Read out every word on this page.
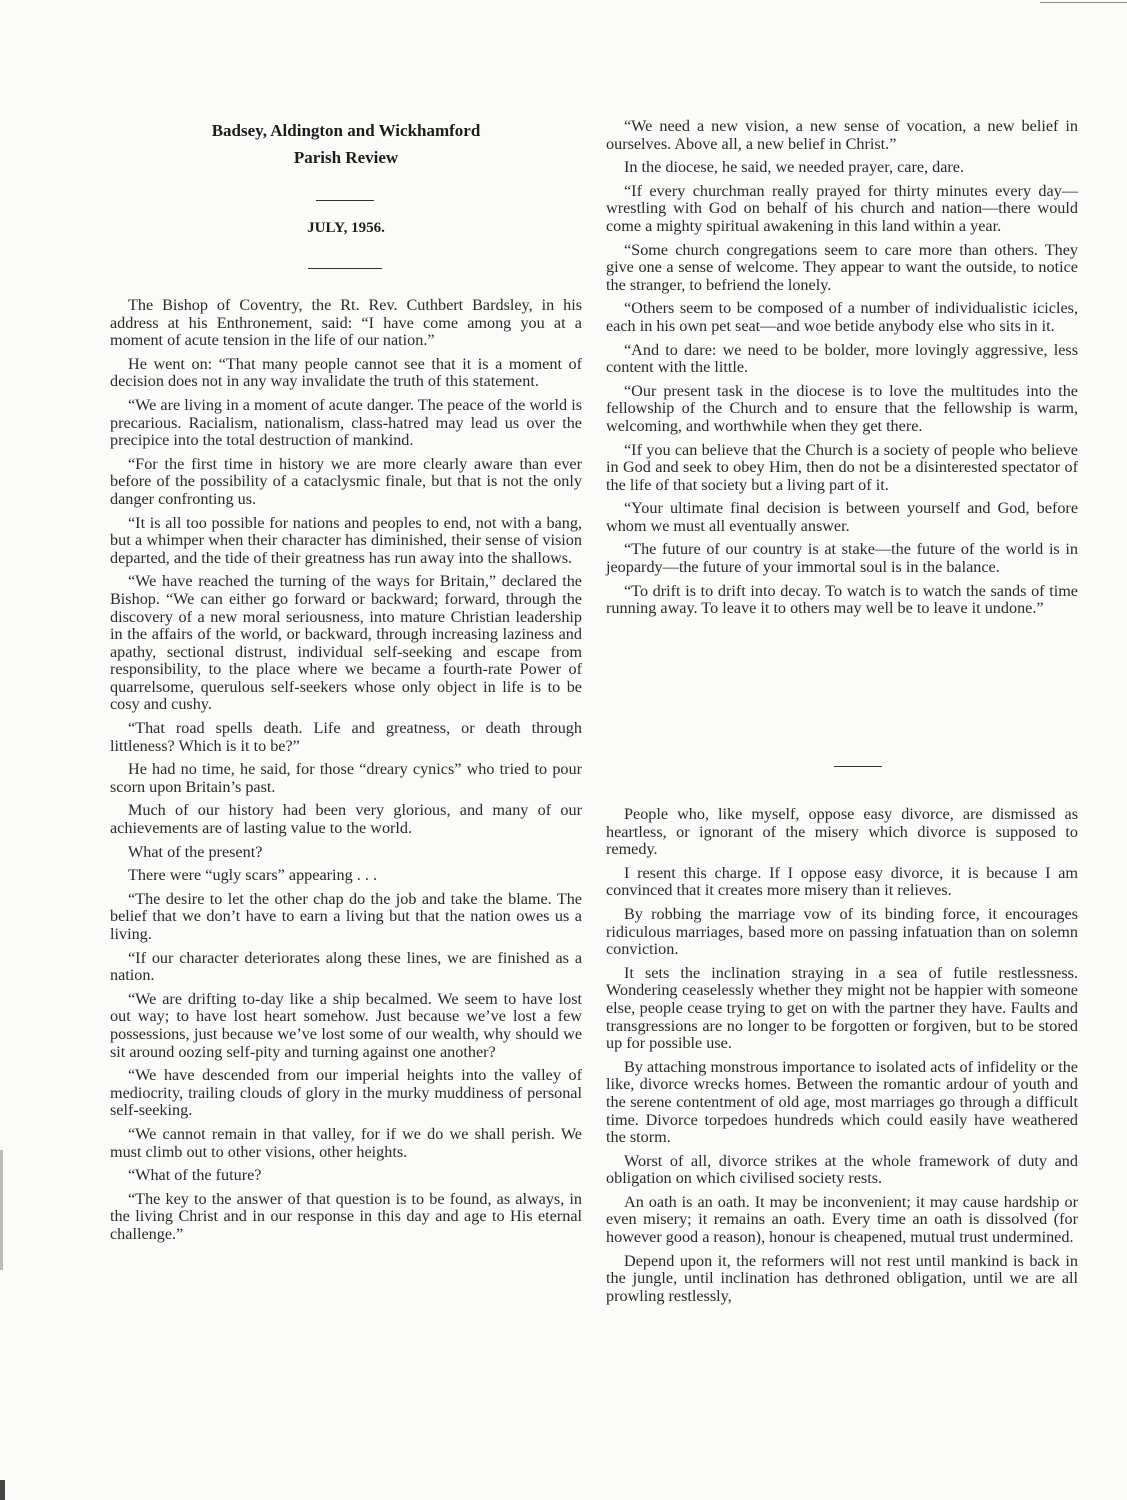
Badsey, Aldington and Wickhamford
Parish Review
JULY, 1956.

The Bishop of Coventry, the Rt. Rev. Cuthbert Bardsley, in his address at his Enthronement, said: “I have come among you at a moment of acute tension in the life of our nation.”

He went on: “That many people cannot see that it is a moment of decision does not in any way invalidate the truth of this statement.

“We are living in a moment of acute danger. The peace of the world is precarious. Racialism, nationalism, class-hatred may lead us over the precipice into the total destruction of mankind.

“For the first time in history we are more clearly aware than ever before of the possibility of a cataclysmic finale, but that is not the only danger confronting us.

“It is all too possible for nations and peoples to end, not with a bang, but a whimper when their character has diminished, their sense of vision departed, and the tide of their greatness has run away into the shallows.

“We have reached the turning of the ways for Britain,” declared the Bishop. “We can either go forward or backward; forward, through the discovery of a new moral seriousness, into mature Christian leadership in the affairs of the world, or backward, through increasing laziness and apathy, sectional distrust, individual self-seeking and escape from responsibility, to the place where we became a fourth-rate Power of quarrelsome, querulous self-seekers whose only object in life is to be cosy and cushy.

“That road spells death. Life and greatness, or death through littleness? Which is it to be?”

He had no time, he said, for those “dreary cynics” who tried to pour scorn upon Britain’s past.

Much of our history had been very glorious, and many of our achievements are of lasting value to the world.

What of the present?

There were “ugly scars” appearing . . .

“The desire to let the other chap do the job and take the blame. The belief that we don’t have to earn a living but that the nation owes us a living.

“If our character deteriorates along these lines, we are finished as a nation.

“We are drifting to-day like a ship becalmed. We seem to have lost out way; to have lost heart somehow. Just because we’ve lost a few possessions, just because we’ve lost some of our wealth, why should we sit around oozing self-pity and turning against one another?

“We have descended from our imperial heights into the valley of mediocrity, trailing clouds of glory in the murky muddiness of personal self-seeking.

“We cannot remain in that valley, for if we do we shall perish. We must climb out to other visions, other heights.

“What of the future?

“The key to the answer of that question is to be found, as always, in the living Christ and in our response in this day and age to His eternal challenge.”

“We need a new vision, a new sense of vocation, a new belief in ourselves. Above all, a new belief in Christ.”

In the diocese, he said, we needed prayer, care, dare.

“If every churchman really prayed for thirty minutes every day—wrestling with God on behalf of his church and nation—there would come a mighty spiritual awakening in this land within a year.

“Some church congregations seem to care more than others. They give one a sense of welcome. They appear to want the outside, to notice the stranger, to befriend the lonely.

“Others seem to be composed of a number of individualistic icicles, each in his own pet seat—and woe betide anybody else who sits in it.

“And to dare: we need to be bolder, more lovingly aggressive, less content with the little.

“Our present task in the diocese is to love the multitudes into the fellowship of the Church and to ensure that the fellowship is warm, welcoming, and worthwhile when they get there.

“If you can believe that the Church is a society of people who believe in God and seek to obey Him, then do not be a disinterested spectator of the life of that society but a living part of it.

“Your ultimate final decision is between yourself and God, before whom we must all eventually answer.

“The future of our country is at stake—the future of the world is in jeopardy—the future of your immortal soul is in the balance.

“To drift is to drift into decay. To watch is to watch the sands of time running away. To leave it to others may well be to leave it undone.”

People who, like myself, oppose easy divorce, are dismissed as heartless, or ignorant of the misery which divorce is supposed to remedy.

I resent this charge. If I oppose easy divorce, it is because I am convinced that it creates more misery than it relieves.

By robbing the marriage vow of its binding force, it encourages ridiculous marriages, based more on passing infatuation than on solemn conviction.

It sets the inclination straying in a sea of futile restlessness. Wondering ceaselessly whether they might not be happier with someone else, people cease trying to get on with the partner they have. Faults and transgressions are no longer to be forgotten or forgiven, but to be stored up for possible use.

By attaching monstrous importance to isolated acts of infidelity or the like, divorce wrecks homes. Between the romantic ardour of youth and the serene contentment of old age, most marriages go through a difficult time. Divorce torpedoes hundreds which could easily have weathered the storm.

Worst of all, divorce strikes at the whole framework of duty and obligation on which civilised society rests.

An oath is an oath. It may be inconvenient; it may cause hardship or even misery; it remains an oath. Every time an oath is dissolved (for however good a reason), honour is cheapened, mutual trust undermined.

Depend upon it, the reformers will not rest until mankind is back in the jungle, until inclination has dethroned obligation, until we are all prowling restlessly,
